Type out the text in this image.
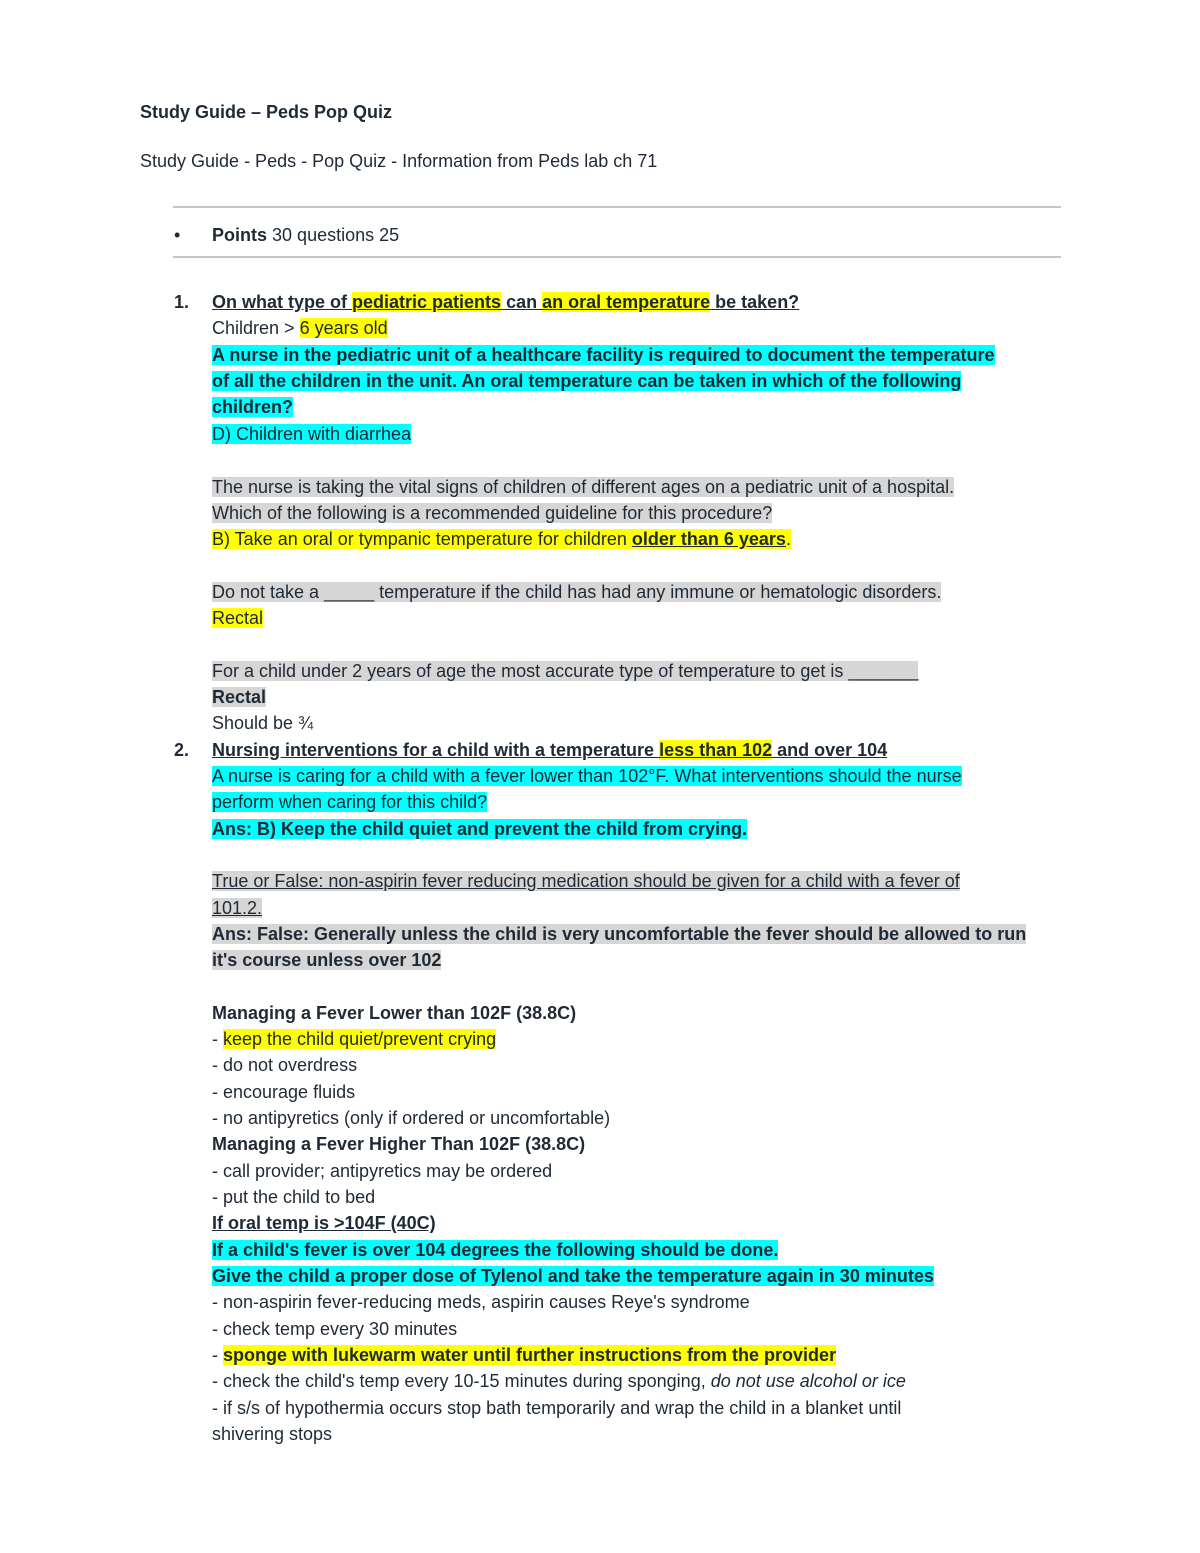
Study Guide – Peds Pop Quiz
Study Guide - Peds - Pop Quiz - Information from Peds lab ch 71
• Points 30 questions 25
1. On what type of pediatric patients can an oral temperature be taken?
Children > 6 years old
A nurse in the pediatric unit of a healthcare facility is required to document the temperature
of all the children in the unit. An oral temperature can be taken in which of the following
children?
D) Children with diarrhea
The nurse is taking the vital signs of children of different ages on a pediatric unit of a hospital.
Which of the following is a recommended guideline for this procedure?
B) Take an oral or tympanic temperature for children older than 6 years.
Do not take a _____ temperature if the child has had any immune or hematologic disorders.
Rectal
For a child under 2 years of age the most accurate type of temperature to get is _______
Rectal
Should be ¾
2. Nursing interventions for a child with a temperature less than 102 and over 104
A nurse is caring for a child with a fever lower than 102°F. What interventions should the nurse
perform when caring for this child?
Ans: B) Keep the child quiet and prevent the child from crying.
True or False: non-aspirin fever reducing medication should be given for a child with a fever of
101.2.
Ans: False: Generally unless the child is very uncomfortable the fever should be allowed to run
it's course unless over 102
Managing a Fever Lower than 102F (38.8C)
- keep the child quiet/prevent crying
- do not overdress
- encourage fluids
- no antipyretics (only if ordered or uncomfortable)
Managing a Fever Higher Than 102F (38.8C)
- call provider; antipyretics may be ordered
- put the child to bed
If oral temp is >104F (40C)
If a child's fever is over 104 degrees the following should be done.
Give the child a proper dose of Tylenol and take the temperature again in 30 minutes
- non-aspirin fever-reducing meds, aspirin causes Reye's syndrome
- check temp every 30 minutes
- sponge with lukewarm water until further instructions from the provider
- check the child's temp every 10-15 minutes during sponging, do not use alcohol or ice
- if s/s of hypothermia occurs stop bath temporarily and wrap the child in a blanket until
shivering stops
